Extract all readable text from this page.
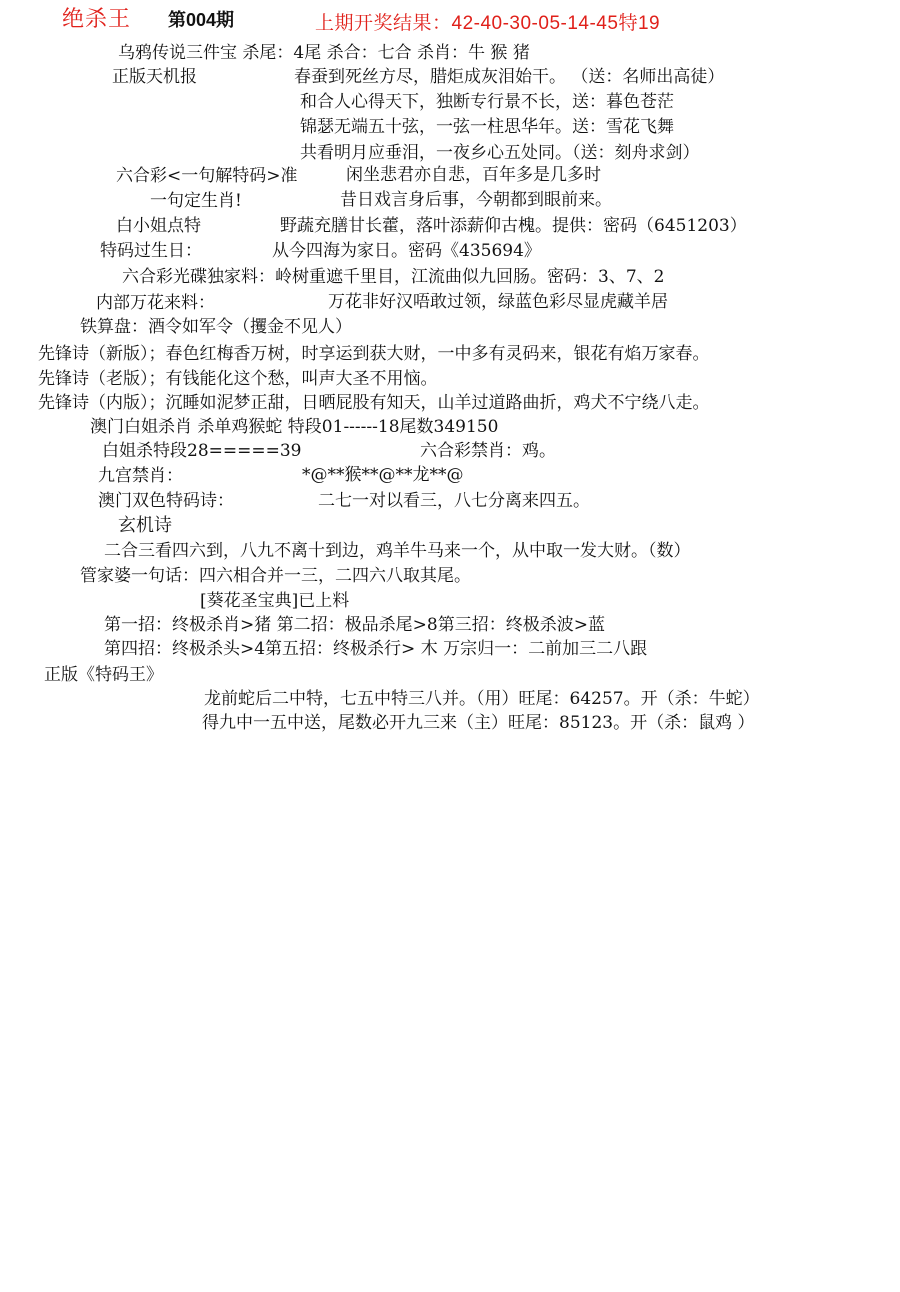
绝杀王 第004期	上期开奖结果：42-40-30-05-14-45特19
乌鸦传说三件宝 杀尾：4尾 杀合：七合 杀肖：牛 猴 猪
正版天机报	春蚕到死丝方尽，腊炬成灰泪始干。 （送：名师出高徒）
和合人心得天下，独断专行景不长，送：暮色苍茫
锦瑟无端五十弦，一弦一柱思华年。送：雪花飞舞
共看明月应垂泪，一夜乡心五处同。（送：刻舟求剑）
六合彩<一句解特码>准	闲坐悲君亦自悲，百年多是几多时
一句定生肖!	昔日戏言身后事，今朝都到眼前来。
白小姐点特	野蔬充膳甘长藿，落叶添薪仰古槐。提供：密码（6451203）
特码过生日：	从今四海为家日。密码《435694》
六合彩光碟独家料：岭树重遮千里目，江流曲似九回肠。密码：3、7、2
内部万花来料：	万花非好汉唔敢过领，绿蓝色彩尽显虎藏羊居
铁算盘：酒令如军令（攫金不见人）
先锋诗（新版）；春色红梅香万树，时享运到获大财，一中多有灵码来，银花有焰万家春。
先锋诗（老版）；有钱能化这个愁，叫声大圣不用恼。
先锋诗（内版）；沉睡如泥梦正甜，日晒屁股有知天，山羊过道路曲折，鸡犬不宁绕八走。
澳门白姐杀肖 杀单鸡猴蛇 特段01------18尾数349150
白姐杀特段28=====39	六合彩禁肖：鸡。
九宫禁肖：	*@**猴**@**龙**@
澳门双色特码诗：	二七一对以看三，八七分离来四五。
玄机诗
二合三看四六到，八九不离十到边，鸡羊牛马来一个，从中取一发大财。（数）
管家婆一句话：四六相合并一三，二四六八取其尾。
[葵花圣宝典]已上料
第一招：终极杀肖>猪 第二招：极品杀尾>8第三招：终极杀波>蓝
第四招：终极杀头>4第五招：终极杀行> 木 万宗归一：二前加三二八跟
正版《特码王》
龙前蛇后二中特，七五中特三八并。（用）旺尾：64257。开（杀：牛蛇）
得九中一五中送，尾数必开九三来（主）旺尾：85123。开（杀：鼠鸡 ）
